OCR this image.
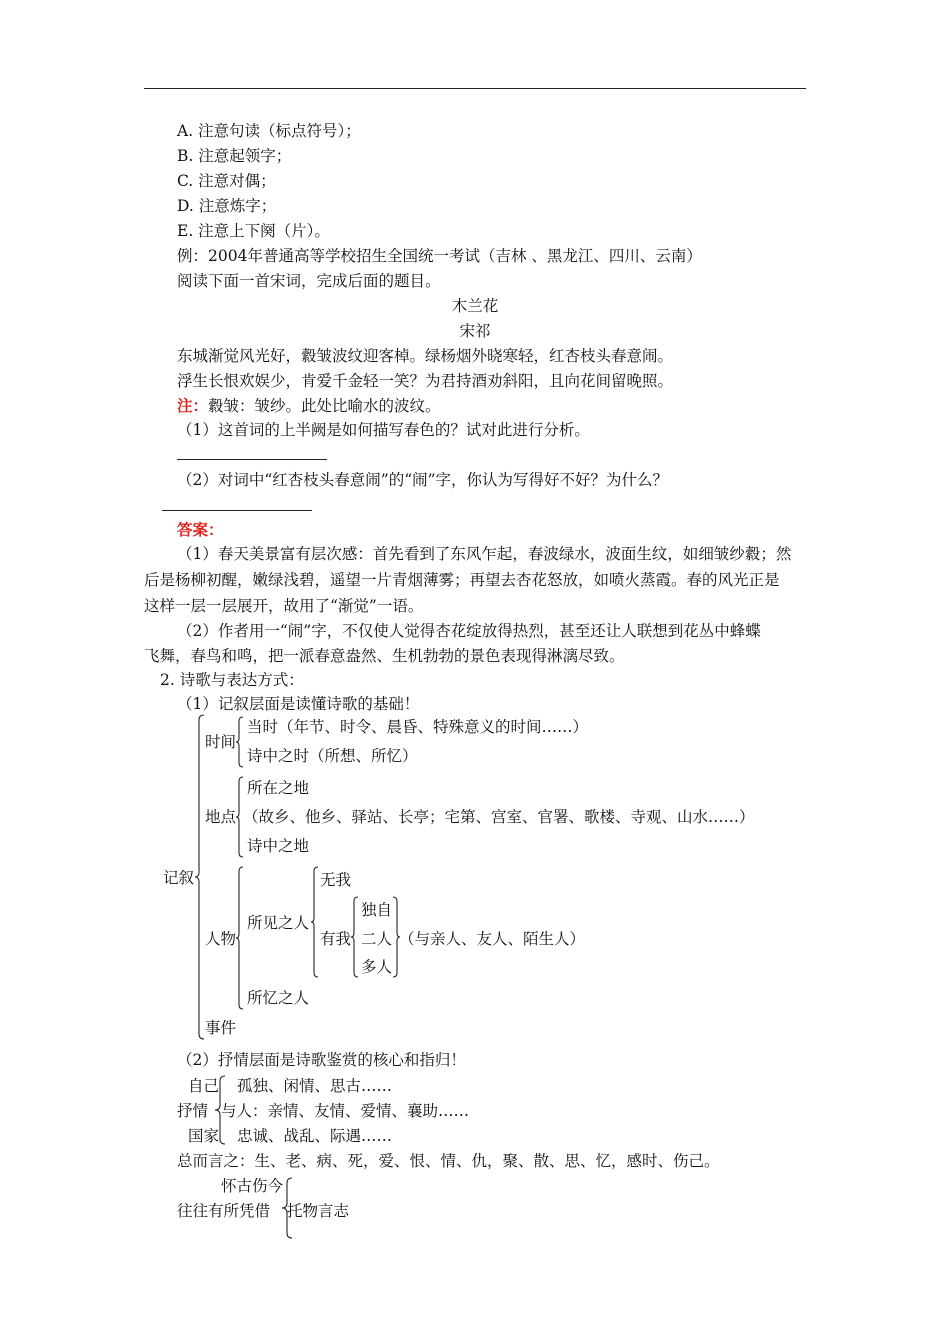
A. 注意句读（标点符号）；
B. 注意起领字；
C. 注意对偶；
D. 注意炼字；
E. 注意上下阕（片）。
例：2004年普通高等学校招生全国统一考试（吉林 、黑龙江、四川、云南）
阅读下面一首宋词，完成后面的题目。
木兰花
宋祁
东城渐觉风光好，縠皱波纹迎客棹。绿杨烟外晓寒轻，红杏枝头春意闹。
浮生长恨欢娱少，肯爱千金轻一笑？为君持酒劝斜阳，且向花间留晚照。
注：縠皱：皱纱。此处比喻水的波纹。
（1）这首词的上半阙是如何描写春色的？试对此进行分析。
（2）对词中“红杏枝头春意闹”的“闹”字，你认为写得好不好？为什么？
答案：
（1）春天美景富有层次感：首先看到了东风乍起，春波绿水，波面生纹，如细皱纱縠；然
后是杨柳初醒，嫩绿浅碧，遥望一片青烟薄雾；再望去杏花怒放，如喷火蒸霞。春的风光正是
这样一层一层展开，故用了“渐觉”一语。
（2）作者用一“闹”字，不仅使人觉得杏花绽放得热烈，甚至还让人联想到花丛中蜂蝶
飞舞，春鸟和鸣，把一派春意盎然、生机勃勃的景色表现得淋漓尽致。
2. 诗歌与表达方式：
（1）记叙层面是读懂诗歌的基础！
记叙
时间
当时（年节、时令、晨昏、特殊意义的时间……）
诗中之时（所想、所忆）
地点
所在之地
（故乡、他乡、驿站、长亭；宅第、宫室、官署、歌楼、寺观、山水……）
诗中之地
人物
所见之人
无我
有我
独自
二人
多人
（与亲人、友人、陌生人）
所忆之人
事件
（2）抒情层面是诗歌鉴赏的核心和指归！
自己 孤独、闲情、思古……
抒情 与人：亲情、友情、爱情、襄助……
国家 忠诚、战乱、际遇……
总而言之：生、老、病、死，爱、恨、情、仇，聚、散、思、忆，感时、伤己。
怀古伤今
往往有所凭借 托物言志
